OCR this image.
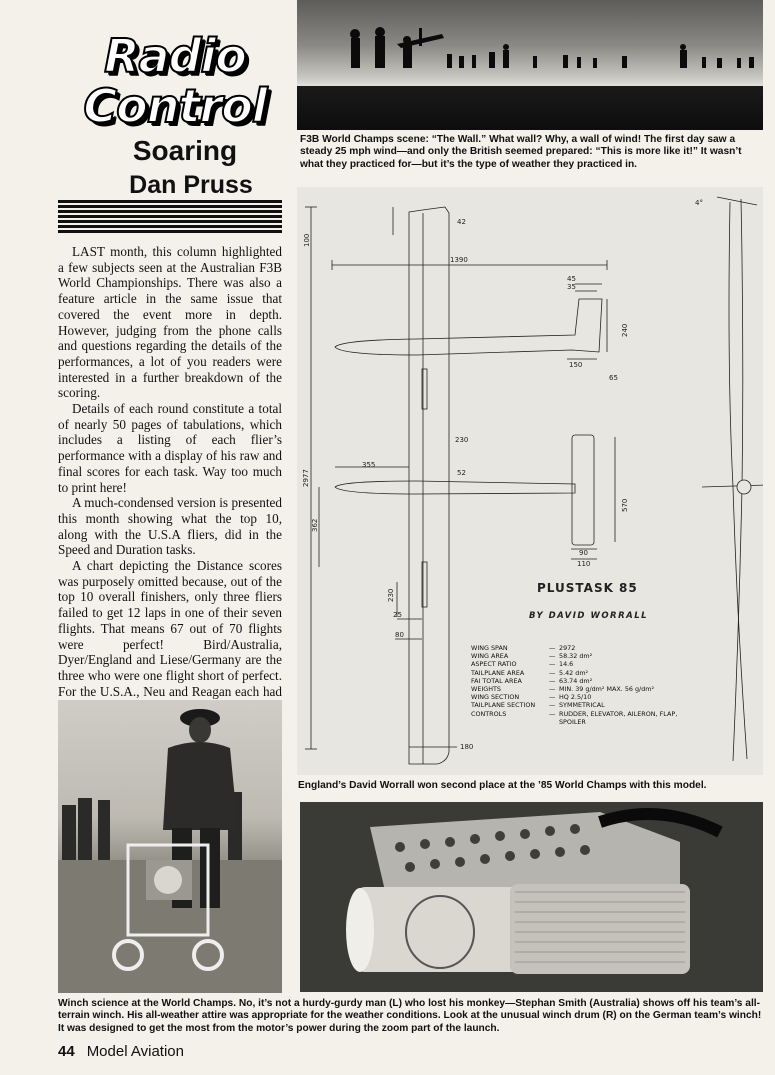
Radio
Control
Soaring
Dan Pruss
F3B World Champs scene: “The Wall.” What wall? Why, a wall of wind! The first day saw a steady 25 mph wind—and only the British seemed prepared: “This is more like it!” It wasn’t what they practiced for—but it’s the type of weather they practiced in.

LAST month, this column highlighted a few subjects seen at the Australian F3B World Championships. There was also a feature article in the same issue that covered the event more in depth. However, judging from the phone calls and questions regarding the details of the performances, a lot of you readers were interested in a further breakdown of the scoring.

Details of each round constitute a total of nearly 50 pages of tabulations, which includes a listing of each flier’s performance with a display of his raw and final scores for each task. Way too much to print here!

A much-condensed version is presented this month showing what the top 10, along with the U.S.A fliers, did in the Speed and Duration tasks.

A chart depicting the Distance scores was purposely omitted because, out of the top 10 overall finishers, only three fliers failed to get 12 laps in one of their seven flights. That means 67 out of 70 flights were perfect! Bird/Australia, Dyer/England and Liese/Germany are the three who were one flight short of perfect. For the U.S.A., Neu and Reagan each had

100
42
1390
45
35
240
150
65
230
355
52
2977
570
362
90
110
230
25
80
180
4°
PLUSTASK 85
BY DAVID WORRALL
WING SPAN	— 2972
WING AREA	— 58.32 dm²
ASPECT RATIO	— 14.6
TAILPLANE AREA	— 5.42 dm²
FAI TOTAL AREA	— 63.74 dm²
WEIGHTS	— MIN. 39 g/dm² MAX. 56 g/dm²
WING SECTION	— HQ 2.5/10
TAILPLANE SECTION — SYMMETRICAL
CONTROLS	— RUDDER, ELEVATOR, AILERON, FLAP,
SPOILER
England’s David Worrall won second place at the ’85 World Champs with this model.
Winch science at the World Champs. No, it’s not a hurdy-gurdy man (L) who lost his monkey—Stephan Smith (Australia) shows off his team’s all-terrain winch. His all-weather attire was appropriate for the weather conditions. Look at the unusual winch drum (R) on the German team’s winch! It was designed to get the most from the motor’s power during the zoom part of the launch.
44 Model Aviation
